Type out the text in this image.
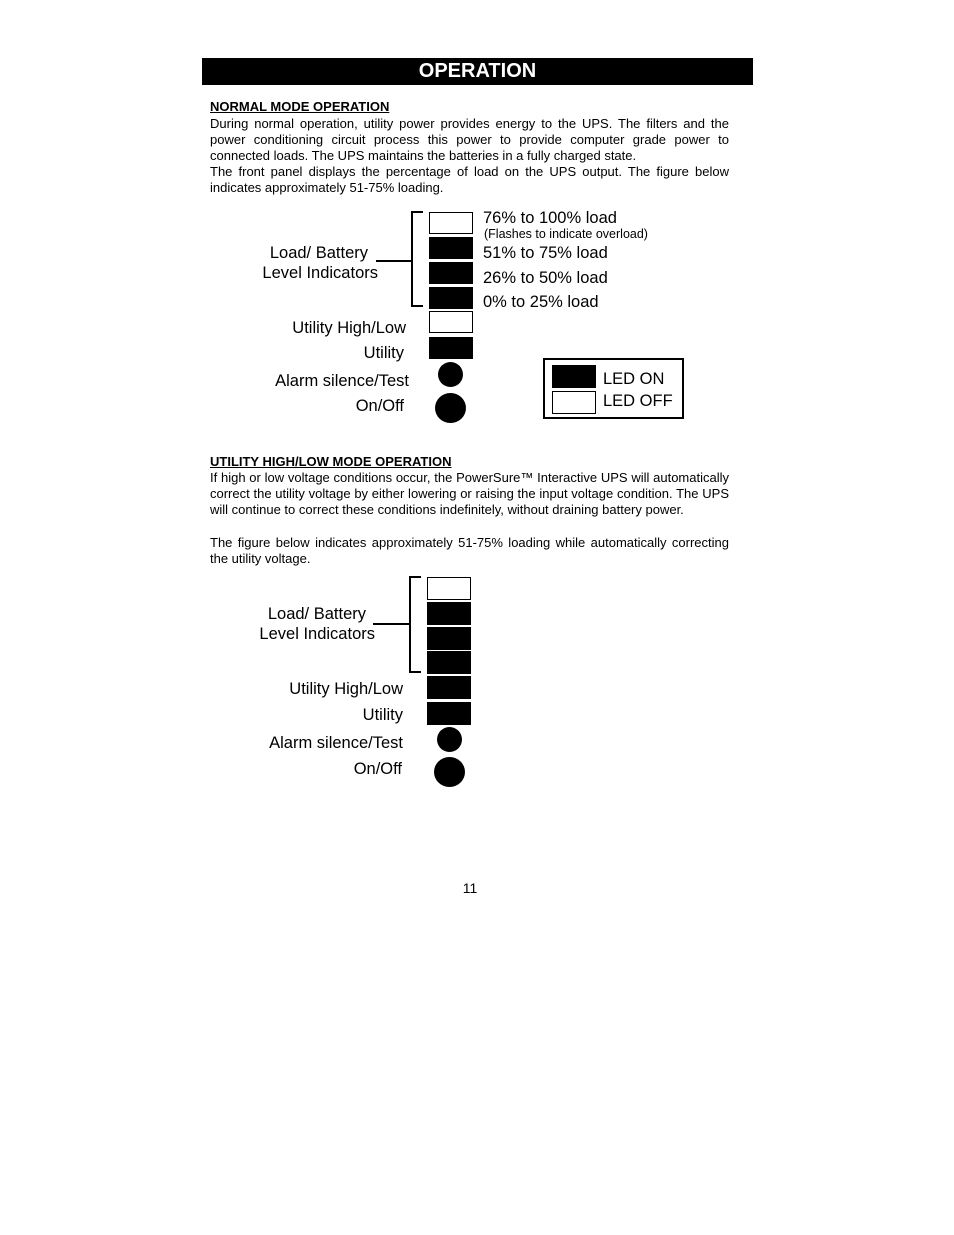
OPERATION
NORMAL MODE OPERATION

During normal operation, utility power provides energy to the UPS. The filters and the power conditioning circuit process this power to provide computer grade power to connected loads. The UPS maintains the batteries in a fully charged state.

The front panel displays the percentage of load on the UPS output. The figure below indicates approximately 51-75% loading.

Load/ Battery
Level Indicators
76% to 100% load
(Flashes to indicate overload)
51% to 75% load
26% to 50% load
0% to 25% load
Utility High/Low
Utility
Alarm silence/Test
On/Off
LED ON
LED OFF
UTILITY HIGH/LOW MODE OPERATION

If high or low voltage conditions occur, the PowerSure™ Interactive UPS will automatically correct the utility voltage by either lowering or raising the input voltage condition. The UPS will continue to correct these conditions indefinitely, without draining battery power.

The figure below indicates approximately 51-75% loading while automatically correcting the utility voltage.

Load/ Battery
Level Indicators
Utility High/Low
Utility
Alarm silence/Test
On/Off
11
